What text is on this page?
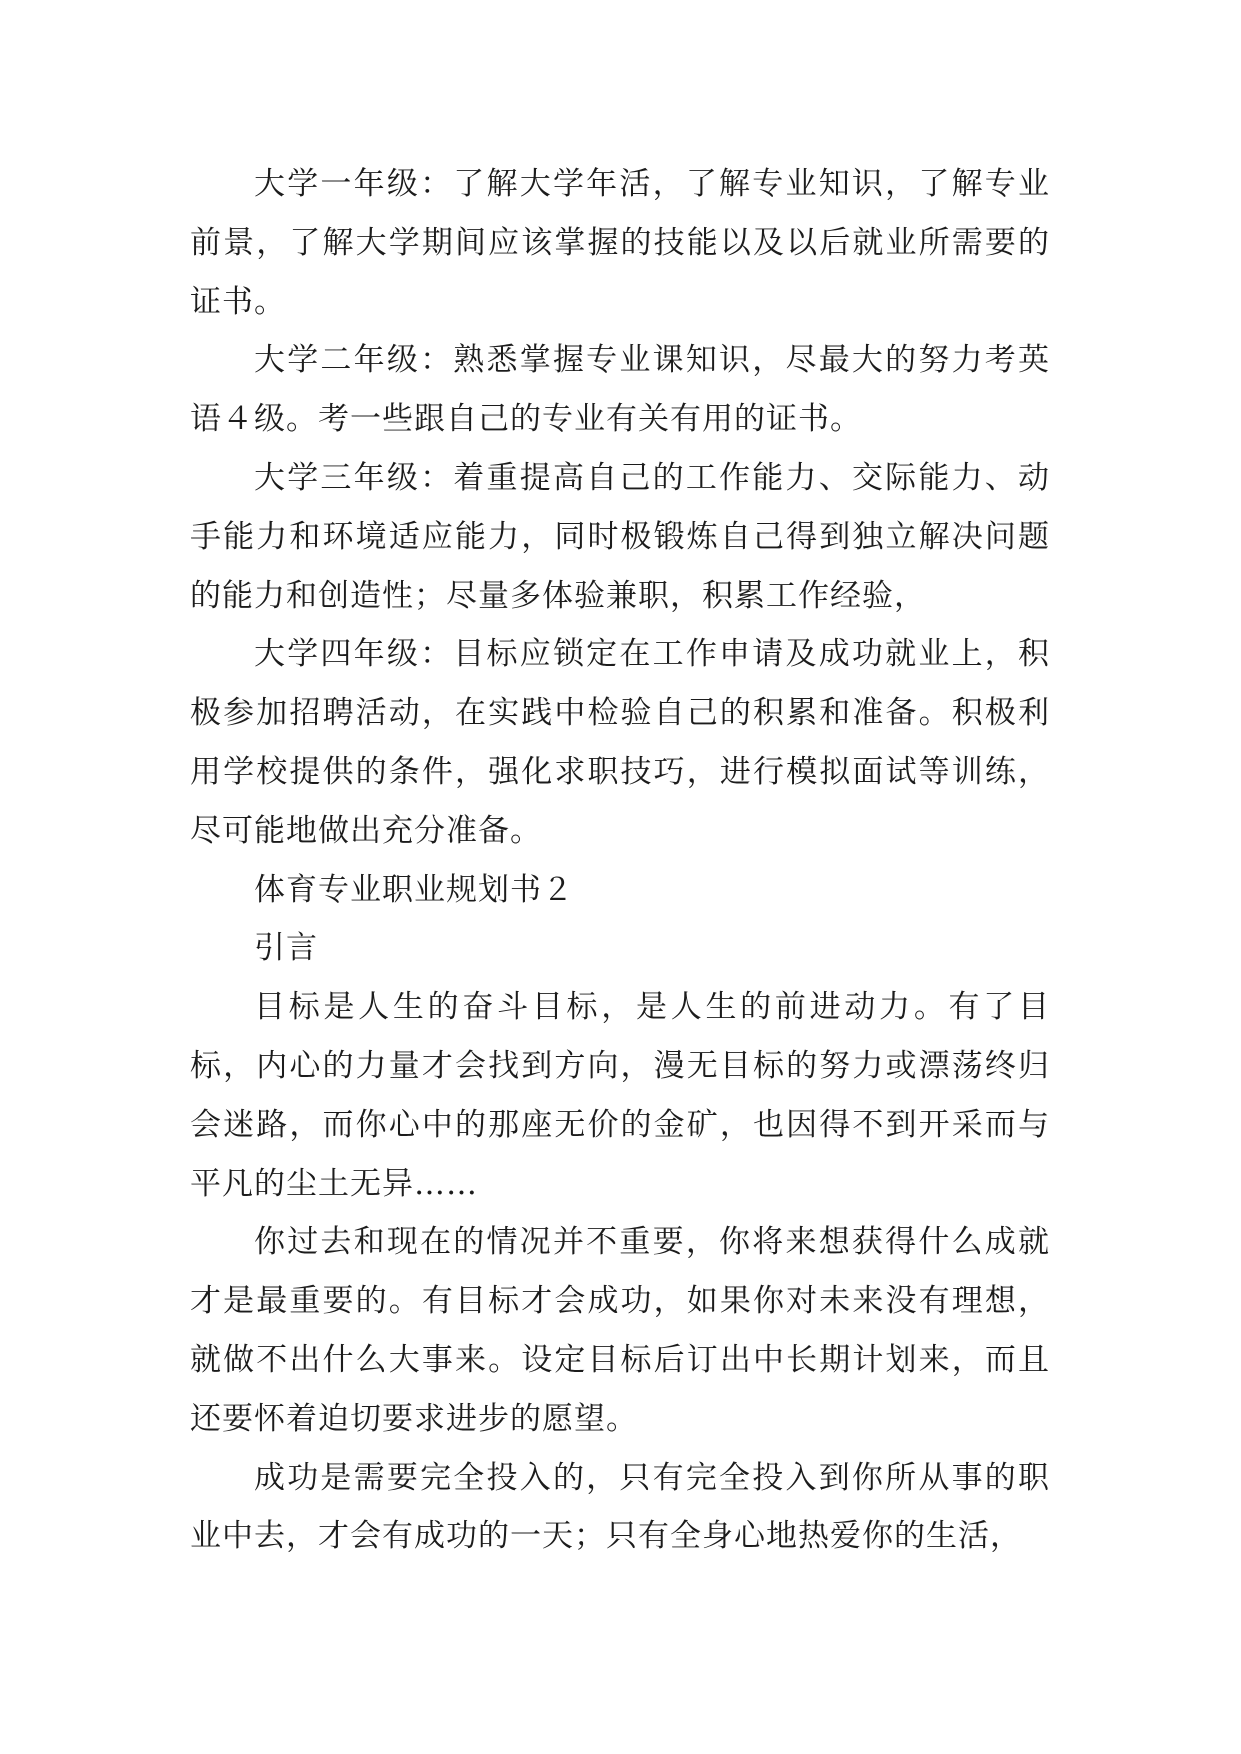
大学一年级：了解大学年活，了解专业知识，了解专业前景，了解大学期间应该掌握的技能以及以后就业所需要的证书。

大学二年级：熟悉掌握专业课知识，尽最大的努力考英语４级。考一些跟自己的专业有关有用的证书。

大学三年级：着重提高自己的工作能力、交际能力、动手能力和环境适应能力，同时极锻炼自己得到独立解决问题的能力和创造性；尽量多体验兼职，积累工作经验，

大学四年级：目标应锁定在工作申请及成功就业上，积极参加招聘活动，在实践中检验自己的积累和准备。积极利用学校提供的条件，强化求职技巧，进行模拟面试等训练，尽可能地做出充分准备。

体育专业职业规划书２

引言

目标是人生的奋斗目标，是人生的前进动力。有了目标，内心的力量才会找到方向，漫无目标的努力或漂荡终归会迷路，而你心中的那座无价的金矿，也因得不到开采而与平凡的尘土无异……

你过去和现在的情况并不重要，你将来想获得什么成就才是最重要的。有目标才会成功，如果你对未来没有理想，就做不出什么大事来。设定目标后订出中长期计划来，而且还要怀着迫切要求进步的愿望。

成功是需要完全投入的，只有完全投入到你所从事的职业中去，才会有成功的一天；只有全身心地热爱你的生活，
